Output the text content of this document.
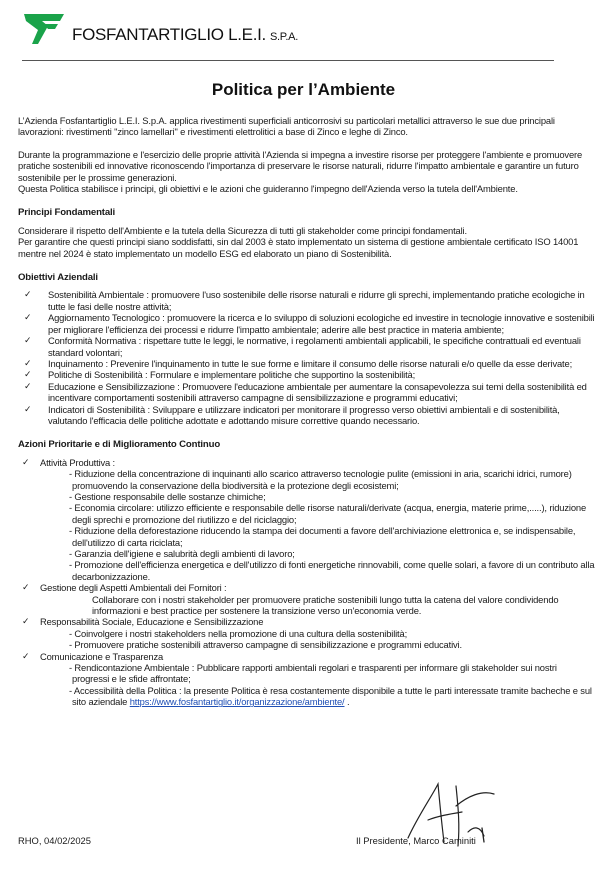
FOSFANTARTIGLIO L.E.I. S.P.A.
Politica per l’Ambiente

L’Azienda Fosfantartiglio L.E.I. S.p.A. applica rivestimenti superficiali anticorrosivi su particolari metallici attraverso le sue due principali lavorazioni: rivestimenti "zinco lamellari" e rivestimenti elettrolitici a base di Zinco e leghe di Zinco.

Durante la programmazione e l'esercizio delle proprie attività l'Azienda si impegna a investire risorse per proteggere l'ambiente e promuovere pratiche sostenibili ed innovative riconoscendo l'importanza di preservare le risorse naturali, ridurre l'impatto ambientale e garantire un futuro sostenibile per le prossime generazioni.

Questa Politica stabilisce i principi, gli obiettivi e le azioni che guideranno l'impegno dell'Azienda verso la tutela dell'Ambiente.

Principi Fondamentali

Considerare il rispetto dell'Ambiente e la tutela della Sicurezza di tutti gli stakeholder come principi fondamentali.

Per garantire che questi principi siano soddisfatti, sin dal 2003 è stato implementato un sistema di gestione ambientale certificato ISO 14001 mentre nel 2024 è stato implementato un modello ESG ed elaborato un piano di Sostenibilità.

Obiettivi Aziendali
✓ Sostenibilità Ambientale : promuovere l'uso sostenibile delle risorse naturali e ridurre gli sprechi, implementando pratiche ecologiche in tutte le fasi delle nostre attività;
✓ Aggiornamento Tecnologico : promuovere la ricerca e lo sviluppo di soluzioni ecologiche ed investire in tecnologie innovative e sostenibili per migliorare l'efficienza dei processi e ridurre l'impatto ambientale; aderire alle best practice in materia ambiente;
✓ Conformità Normativa : rispettare tutte le leggi, le normative, i regolamenti ambientali applicabili, le specifiche contrattuali ed eventuali standard volontari;
✓ Inquinamento : Prevenire l'inquinamento in tutte le sue forme e limitare il consumo delle risorse naturali e/o quelle da esse derivate;
✓ Politiche di Sostenibilità : Formulare e implementare politiche che supportino la sostenibilità;
✓ Educazione e Sensibilizzazione : Promuovere l'educazione ambientale per aumentare la consapevolezza sui temi della sostenibilità ed incentivare comportamenti sostenibili attraverso campagne di sensibilizzazione e programmi educativi;
✓ Indicatori di Sostenibilità : Sviluppare e utilizzare indicatori per monitorare il progresso verso obiettivi ambientali e di sostenibilità, valutando l'efficacia delle politiche adottate e adottando misure correttive quando necessario.
Azioni Prioritarie e di Miglioramento Continuo
✓ Attività Produttiva :
- Riduzione della concentrazione di inquinanti allo scarico attraverso tecnologie pulite (emissioni in aria, scarichi idrici, rumore) promuovendo la conservazione della biodiversità e la protezione degli ecosistemi;
- Gestione responsabile delle sostanze chimiche;
- Economia circolare: utilizzo efficiente e responsabile delle risorse naturali/derivate (acqua, energia, materie prime,.....), riduzione degli sprechi e promozione del riutilizzo e del riciclaggio;
- Riduzione della deforestazione riducendo la stampa dei documenti a favore dell'archiviazione elettronica e, se indispensabile, dell'utilizzo di carta riciclata;
- Garanzia dell'igiene e salubrità degli ambienti di lavoro;
- Promozione dell'efficienza energetica e dell'utilizzo di fonti energetiche rinnovabili, come quelle solari, a favore di un contributo alla decarbonizzazione.
✓ Gestione degli Aspetti Ambientali dei Fornitori :
Collaborare con i nostri stakeholder per promuovere pratiche sostenibili lungo tutta la catena del valore condividendo informazioni e best practice per sostenere la transizione verso un'economia verde.
✓ Responsabilità Sociale, Educazione e Sensibilizzazione
- Coinvolgere i nostri stakeholders nella promozione di una cultura della sostenibilità;
- Promuovere pratiche sostenibili attraverso campagne di sensibilizzazione e programmi educativi.
✓ Comunicazione e Trasparenza
- Rendicontazione Ambientale : Pubblicare rapporti ambientali regolari e trasparenti per informare gli stakeholder sui nostri progressi e le sfide affrontate;
- Accessibilità della Politica : la presente Politica è resa costantemente disponibile a tutte le parti interessate tramite bacheche e sul sito aziendale https://www.fosfantartiglio.it/organizzazione/ambiente/ .
RHO, 04/02/2025	Il Presidente, Marco Caminiti
